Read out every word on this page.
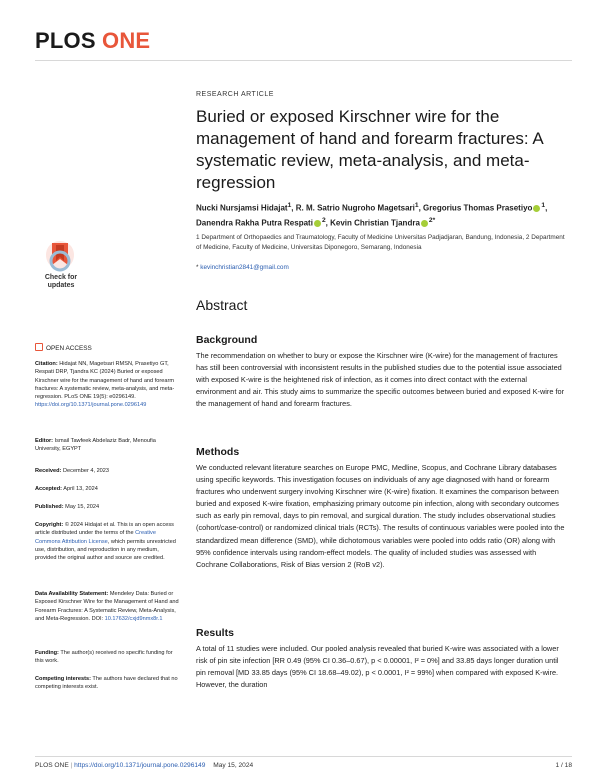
PLOS ONE
RESEARCH ARTICLE
Buried or exposed Kirschner wire for the management of hand and forearm fractures: A systematic review, meta-analysis, and meta-regression
Nucki Nursjamsi Hidajat$^1$, R. M. Satrio Nugroho Magetsari$^1$, Gregorius Thomas Prasetiyo $^1$, Danendra Rakha Putra Respati $^2$, Kevin Christian Tjandra $^{2*}$
1 Department of Orthopaedics and Traumatology, Faculty of Medicine Universitas Padjadjaran, Bandung, Indonesia, 2 Department of Medicine, Faculty of Medicine, Universitas Diponegoro, Semarang, Indonesia
* kevinchristian2841@gmail.com
Abstract
Background
The recommendation on whether to bury or expose the Kirschner wire (K-wire) for the management of fractures has still been controversial with inconsistent results in the published studies due to the potential issue associated with exposed K-wire is the heightened risk of infection, as it comes into direct contact with the external environment and air. This study aims to summarize the specific outcomes between buried and exposed K-wire for the management of hand and forearm fractures.
Methods
We conducted relevant literature searches on Europe PMC, Medline, Scopus, and Cochrane Library databases using specific keywords. This investigation focuses on individuals of any age diagnosed with hand or forearm fractures who underwent surgery involving Kirschner wire (K-wire) fixation. It examines the comparison between buried and exposed K-wire fixation, emphasizing primary outcome pin infection, along with secondary outcomes such as early pin removal, days to pin removal, and surgical duration. The study includes observational studies (cohort/case-control) or randomized clinical trials (RCTs). The results of continuous variables were pooled into the standardized mean difference (SMD), while dichotomous variables were pooled into odds ratio (OR) along with 95% confidence intervals using random-effect models. The quality of included studies was assessed with Cochrane Collaborations, Risk of Bias version 2 (RoB v2).
Results
A total of 11 studies were included. Our pooled analysis revealed that buried K-wire was associated with a lower risk of pin site infection [RR 0.49 (95% CI 0.36–0.67), p < 0.00001, I² = 0%] and 33.85 days longer duration until pin removal [MD 33.85 days (95% CI 18.68–49.02), p < 0.0001, I² = 99%] when compared with exposed K-wire. However, the duration
Check for
updates
OPEN ACCESS
Citation: Hidajat NN, Magetsari RMSN, Prasetiyo GT, Respati DRP, Tjandra KC (2024) Buried or exposed Kirschner wire for the management of hand and forearm fractures: A systematic review, meta-analysis, and meta-regression. PLoS ONE 19(5): e0296149. https://doi.org/10.1371/journal.pone.0296149
Editor: Ismail Tawfeek Abdelaziz Badr, Menoufia University, EGYPT
Received: December 4, 2023
Accepted: April 13, 2024
Published: May 15, 2024
Copyright: © 2024 Hidajat et al. This is an open access article distributed under the terms of the Creative Commons Attribution License, which permits unrestricted use, distribution, and reproduction in any medium, provided the original author and source are credited.
Data Availability Statement: Mendeley Data: Buried or Exposed Kirschner Wire for the Management of Hand and Forearm Fractures: A Systematic Review, Meta-Analysis, and Meta-Regression. DOI: 10.17632/cxjd9nmx8r.1
Funding: The author(s) received no specific funding for this work.
Competing interests: The authors have declared that no competing interests exist.
PLOS ONE | https://doi.org/10.1371/journal.pone.0296149 May 15, 2024	1 / 18
